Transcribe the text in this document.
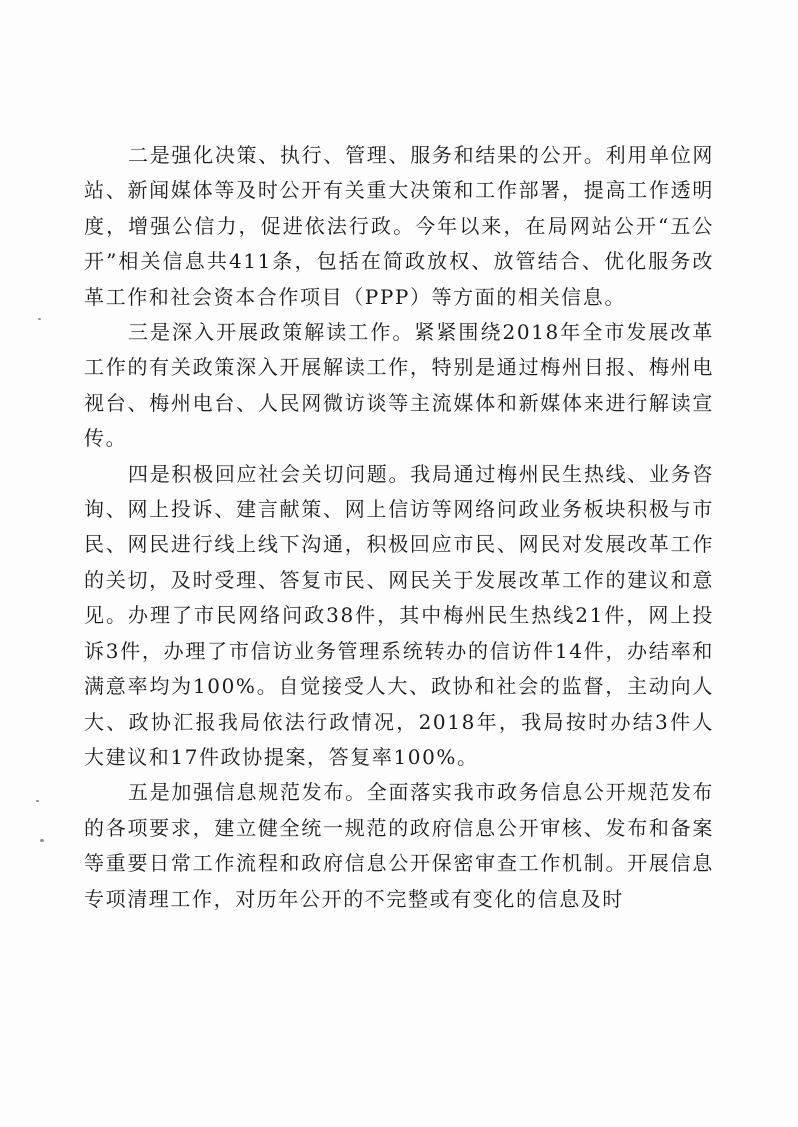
二是强化决策、执行、管理、服务和结果的公开。利用单位网站、新闻媒体等及时公开有关重大决策和工作部署，提高工作透明度，增强公信力，促进依法行政。今年以来，在局网站公开“五公开”相关信息共411条，包括在简政放权、放管结合、优化服务改革工作和社会资本合作项目（PPP）等方面的相关信息。

三是深入开展政策解读工作。紧紧围绕2018年全市发展改革工作的有关政策深入开展解读工作，特别是通过梅州日报、梅州电视台、梅州电台、人民网微访谈等主流媒体和新媒体来进行解读宣传。

四是积极回应社会关切问题。我局通过梅州民生热线、业务咨询、网上投诉、建言献策、网上信访等网络问政业务板块积极与市民、网民进行线上线下沟通，积极回应市民、网民对发展改革工作的关切，及时受理、答复市民、网民关于发展改革工作的建议和意见。办理了市民网络问政38件，其中梅州民生热线21件，网上投诉3件，办理了市信访业务管理系统转办的信访件14件，办结率和满意率均为100%。自觉接受人大、政协和社会的监督，主动向人大、政协汇报我局依法行政情况，2018年，我局按时办结3件人大建议和17件政协提案，答复率100%。

五是加强信息规范发布。全面落实我市政务信息公开规范发布的各项要求，建立健全统一规范的政府信息公开审核、发布和备案等重要日常工作流程和政府信息公开保密审查工作机制。开展信息专项清理工作，对历年公开的不完整或有变化的信息及时
